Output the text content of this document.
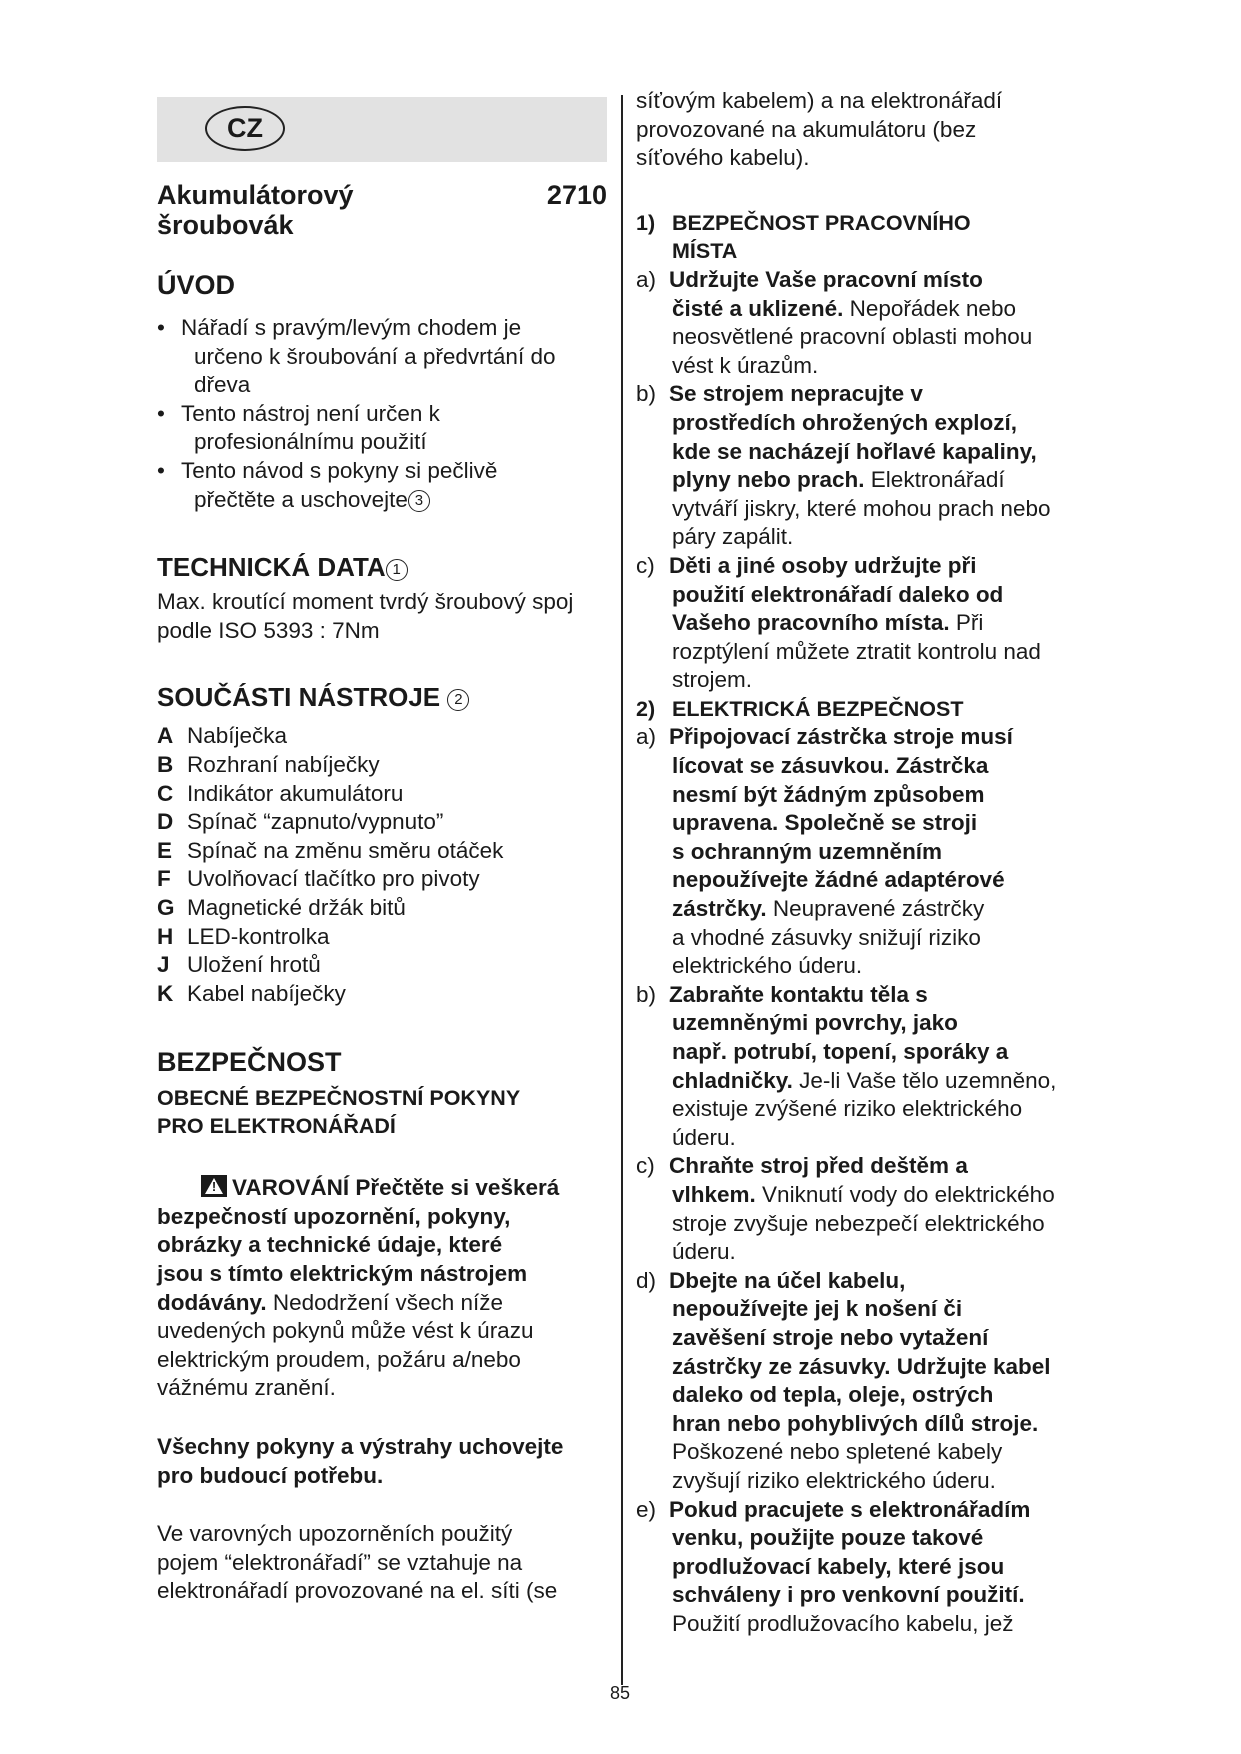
CZ
Akumulátorový
šroubovák
2710
ÚVOD
• Nářadí s pravým/levým chodem je
určeno k šroubování a předvrtání do
dřeva
• Tento nástroj není určen k
profesionálnímu použití
• Tento návod s pokyny si pečlivě
přečtěte a uschovejte 3
TECHNICKÁ DATA 1
Max. kroutící moment tvrdý šroubový spoj
podle ISO 5393 : 7Nm
SOUČÁSTI NÁSTROJE 2
A Nabíječka
B Rozhraní nabíječky
C Indikátor akumulátoru
D Spínač “zapnuto/vypnuto”
E Spínač na změnu směru otáček
F Uvolňovací tlačítko pro pivoty
G Magnetické držák bitů
H LED-kontrolka
J Uložení hrotů
K Kabel nabíječky
BEZPEČNOST
OBECNÉ BEZPEČNOSTNÍ POKYNY
PRO ELEKTRONÁŘADÍ
!VAROVÁNÍ Přečtěte si veškerá
bezpečností upozornění, pokyny,
obrázky a technické údaje, které
jsou s tímto elektrickým nástrojem
dodávány. Nedodržení všech níže
uvedených pokynů může vést k úrazu
elektrickým proudem, požáru a/nebo
vážnému zranění.
Všechny pokyny a výstrahy uchovejte
pro budoucí potřebu.
Ve varovných upozorněních použitý
pojem “elektronářadí” se vztahuje na
elektronářadí provozované na el. síti (se
síťovým kabelem) a na elektronářadí
provozované na akumulátoru (bez
síťového kabelu).
1) BEZPEČNOST PRACOVNÍHO
MÍSTA
a) Udržujte Vaše pracovní místo
čisté a uklizené. Nepořádek nebo
neosvětlené pracovní oblasti mohou
vést k úrazům.
b) Se strojem nepracujte v
prostředích ohrožených explozí,
kde se nacházejí hořlavé kapaliny,
plyny nebo prach. Elektronářadí
vytváří jiskry, které mohou prach nebo
páry zapálit.
c) Děti a jiné osoby udržujte při
použití elektronářadí daleko od
Vašeho pracovního místa. Při
rozptýlení můžete ztratit kontrolu nad
strojem.
2) ELEKTRICKÁ BEZPEČNOST
a) Připojovací zástrčka stroje musí
lícovat se zásuvkou. Zástrčka
nesmí být žádným způsobem
upravena. Společně se stroji
s ochranným uzemněním
nepoužívejte žádné adaptérové
zástrčky. Neupravené zástrčky
a vhodné zásuvky snižují riziko
elektrického úderu.
b) Zabraňte kontaktu těla s
uzemněnými povrchy, jako
např. potrubí, topení, sporáky a
chladničky. Je-li Vaše tělo uzemněno,
existuje zvýšené riziko elektrického
úderu.
c) Chraňte stroj před deštěm a
vlhkem. Vniknutí vody do elektrického
stroje zvyšuje nebezpečí elektrického
úderu.
d) Dbejte na účel kabelu,
nepoužívejte jej k nošení či
zavěšení stroje nebo vytažení
zástrčky ze zásuvky. Udržujte kabel
daleko od tepla, oleje, ostrých
hran nebo pohyblivých dílů stroje.
Poškozené nebo spletené kabely
zvyšují riziko elektrického úderu.
e) Pokud pracujete s elektronářadím
venku, použijte pouze takové
prodlužovací kabely, které jsou
schváleny i pro venkovní použití.
Použití prodlužovacího kabelu, jež
85
